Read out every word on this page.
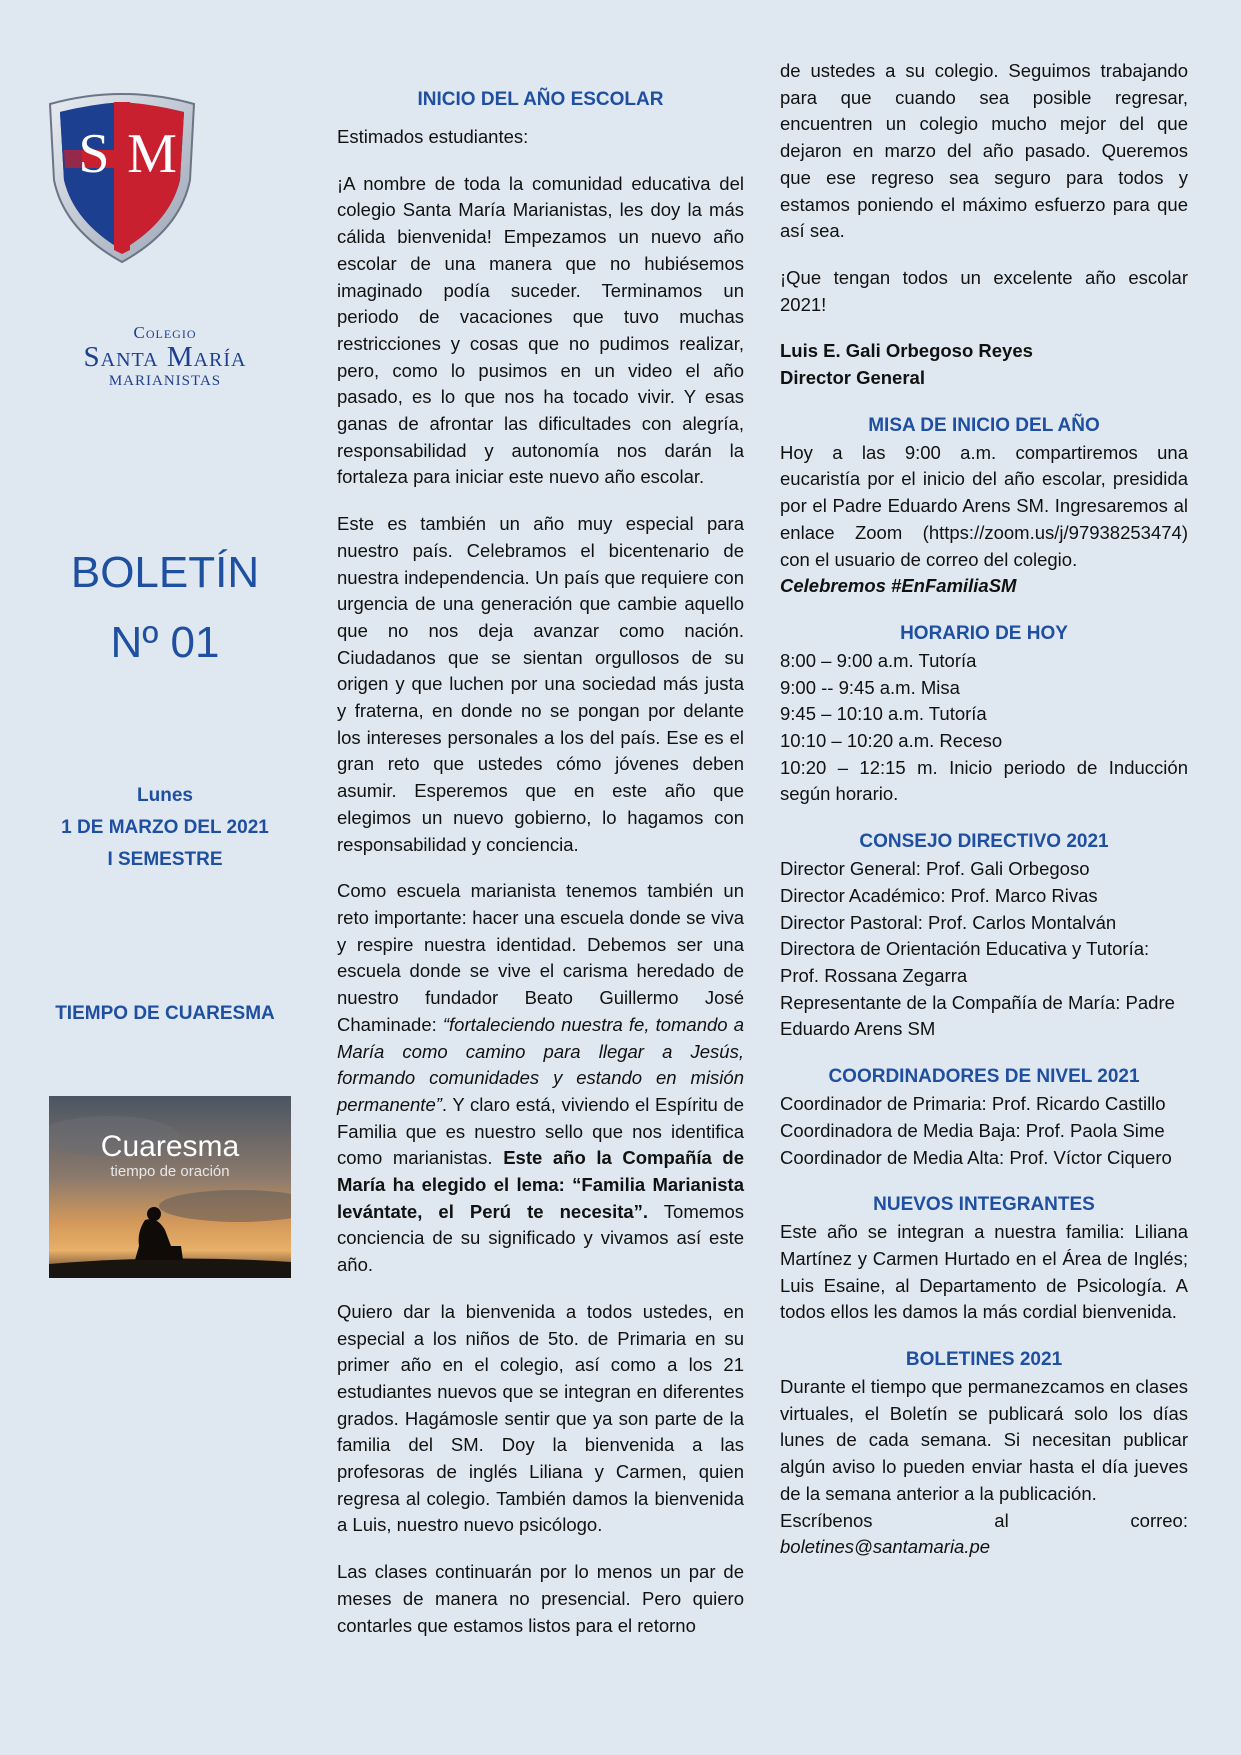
S M
Colegio
Santa María
MARIANISTAS
BOLETÍN
Nº 01
Lunes
1 DE MARZO DEL 2021
I SEMESTRE
TIEMPO DE CUARESMA
Cuaresma
tiempo de oración
INICIO DEL AÑO ESCOLAR

Estimados estudiantes:

¡A nombre de toda la comunidad educativa del colegio Santa María Marianistas, les doy la más cálida bienvenida! Empezamos un nuevo año escolar de una manera que no hubiésemos imaginado podía suceder. Terminamos un periodo de vacaciones que tuvo muchas restricciones y cosas que no pudimos realizar, pero, como lo pusimos en un video el año pasado, es lo que nos ha tocado vivir. Y esas ganas de afrontar las dificultades con alegría, responsabilidad y autonomía nos darán la fortaleza para iniciar este nuevo año escolar.

Este es también un año muy especial para nuestro país. Celebramos el bicentenario de nuestra independencia. Un país que requiere con urgencia de una generación que cambie aquello que no nos deja avanzar como nación. Ciudadanos que se sientan orgullosos de su origen y que luchen por una sociedad más justa y fraterna, en donde no se pongan por delante los intereses personales a los del país. Ese es el gran reto que ustedes cómo jóvenes deben asumir. Esperemos que en este año que elegimos un nuevo gobierno, lo hagamos con responsabilidad y conciencia.

Como escuela marianista tenemos también un reto importante: hacer una escuela donde se viva y respire nuestra identidad. Debemos ser una escuela donde se vive el carisma heredado de nuestro fundador Beato Guillermo José Chaminade: “fortaleciendo nuestra fe, tomando a María como camino para llegar a Jesús, formando comunidades y estando en misión permanente”. Y claro está, viviendo el Espíritu de Familia que es nuestro sello que nos identifica como marianistas. Este año la Compañía de María ha elegido el lema: “Familia Marianista levántate, el Perú te necesita”. Tomemos conciencia de su significado y vivamos así este año.

Quiero dar la bienvenida a todos ustedes, en especial a los niños de 5to. de Primaria en su primer año en el colegio, así como a los 21 estudiantes nuevos que se integran en diferentes grados. Hagámosle sentir que ya son parte de la familia del SM. Doy la bienvenida a las profesoras de inglés Liliana y Carmen, quien regresa al colegio. También damos la bienvenida a Luis, nuestro nuevo psicólogo.

Las clases continuarán por lo menos un par de meses de manera no presencial. Pero quiero contarles que estamos listos para el retorno

de ustedes a su colegio. Seguimos trabajando para que cuando sea posible regresar, encuentren un colegio mucho mejor del que dejaron en marzo del año pasado. Queremos que ese regreso sea seguro para todos y estamos poniendo el máximo esfuerzo para que así sea.

¡Que tengan todos un excelente año escolar 2021!

Luis E. Gali Orbegoso Reyes
Director General

MISA DE INICIO DEL AÑO

Hoy a las 9:00 a.m. compartiremos una eucaristía por el inicio del año escolar, presidida por el Padre Eduardo Arens SM. Ingresaremos al enlace Zoom (https://zoom.us/j/97938253474) con el usuario de correo del colegio.

Celebremos #EnFamiliaSM

HORARIO DE HOY
8:00 – 9:00 a.m. Tutoría
9:00 -- 9:45 a.m. Misa
9:45 – 10:10 a.m. Tutoría
10:10 – 10:20 a.m. Receso
10:20 – 12:15 m. Inicio periodo de Inducción según horario.
CONSEJO DIRECTIVO 2021
Director General: Prof. Gali Orbegoso
Director Académico: Prof. Marco Rivas
Director Pastoral: Prof. Carlos Montalván
Directora de Orientación Educativa y Tutoría: Prof. Rossana Zegarra
Representante de la Compañía de María: Padre Eduardo Arens SM
COORDINADORES DE NIVEL 2021
Coordinador de Primaria: Prof. Ricardo Castillo
Coordinadora de Media Baja: Prof. Paola Sime
Coordinador de Media Alta: Prof. Víctor Ciquero
NUEVOS INTEGRANTES

Este año se integran a nuestra familia: Liliana Martínez y Carmen Hurtado en el Área de Inglés; Luis Esaine, al Departamento de Psicología. A todos ellos les damos la más cordial bienvenida.

BOLETINES 2021

Durante el tiempo que permanezcamos en clases virtuales, el Boletín se publicará solo los días lunes de cada semana. Si necesitan publicar algún aviso lo pueden enviar hasta el día jueves de la semana anterior a la publicación.

Escríbenos al correo:
boletines@santamaria.pe
